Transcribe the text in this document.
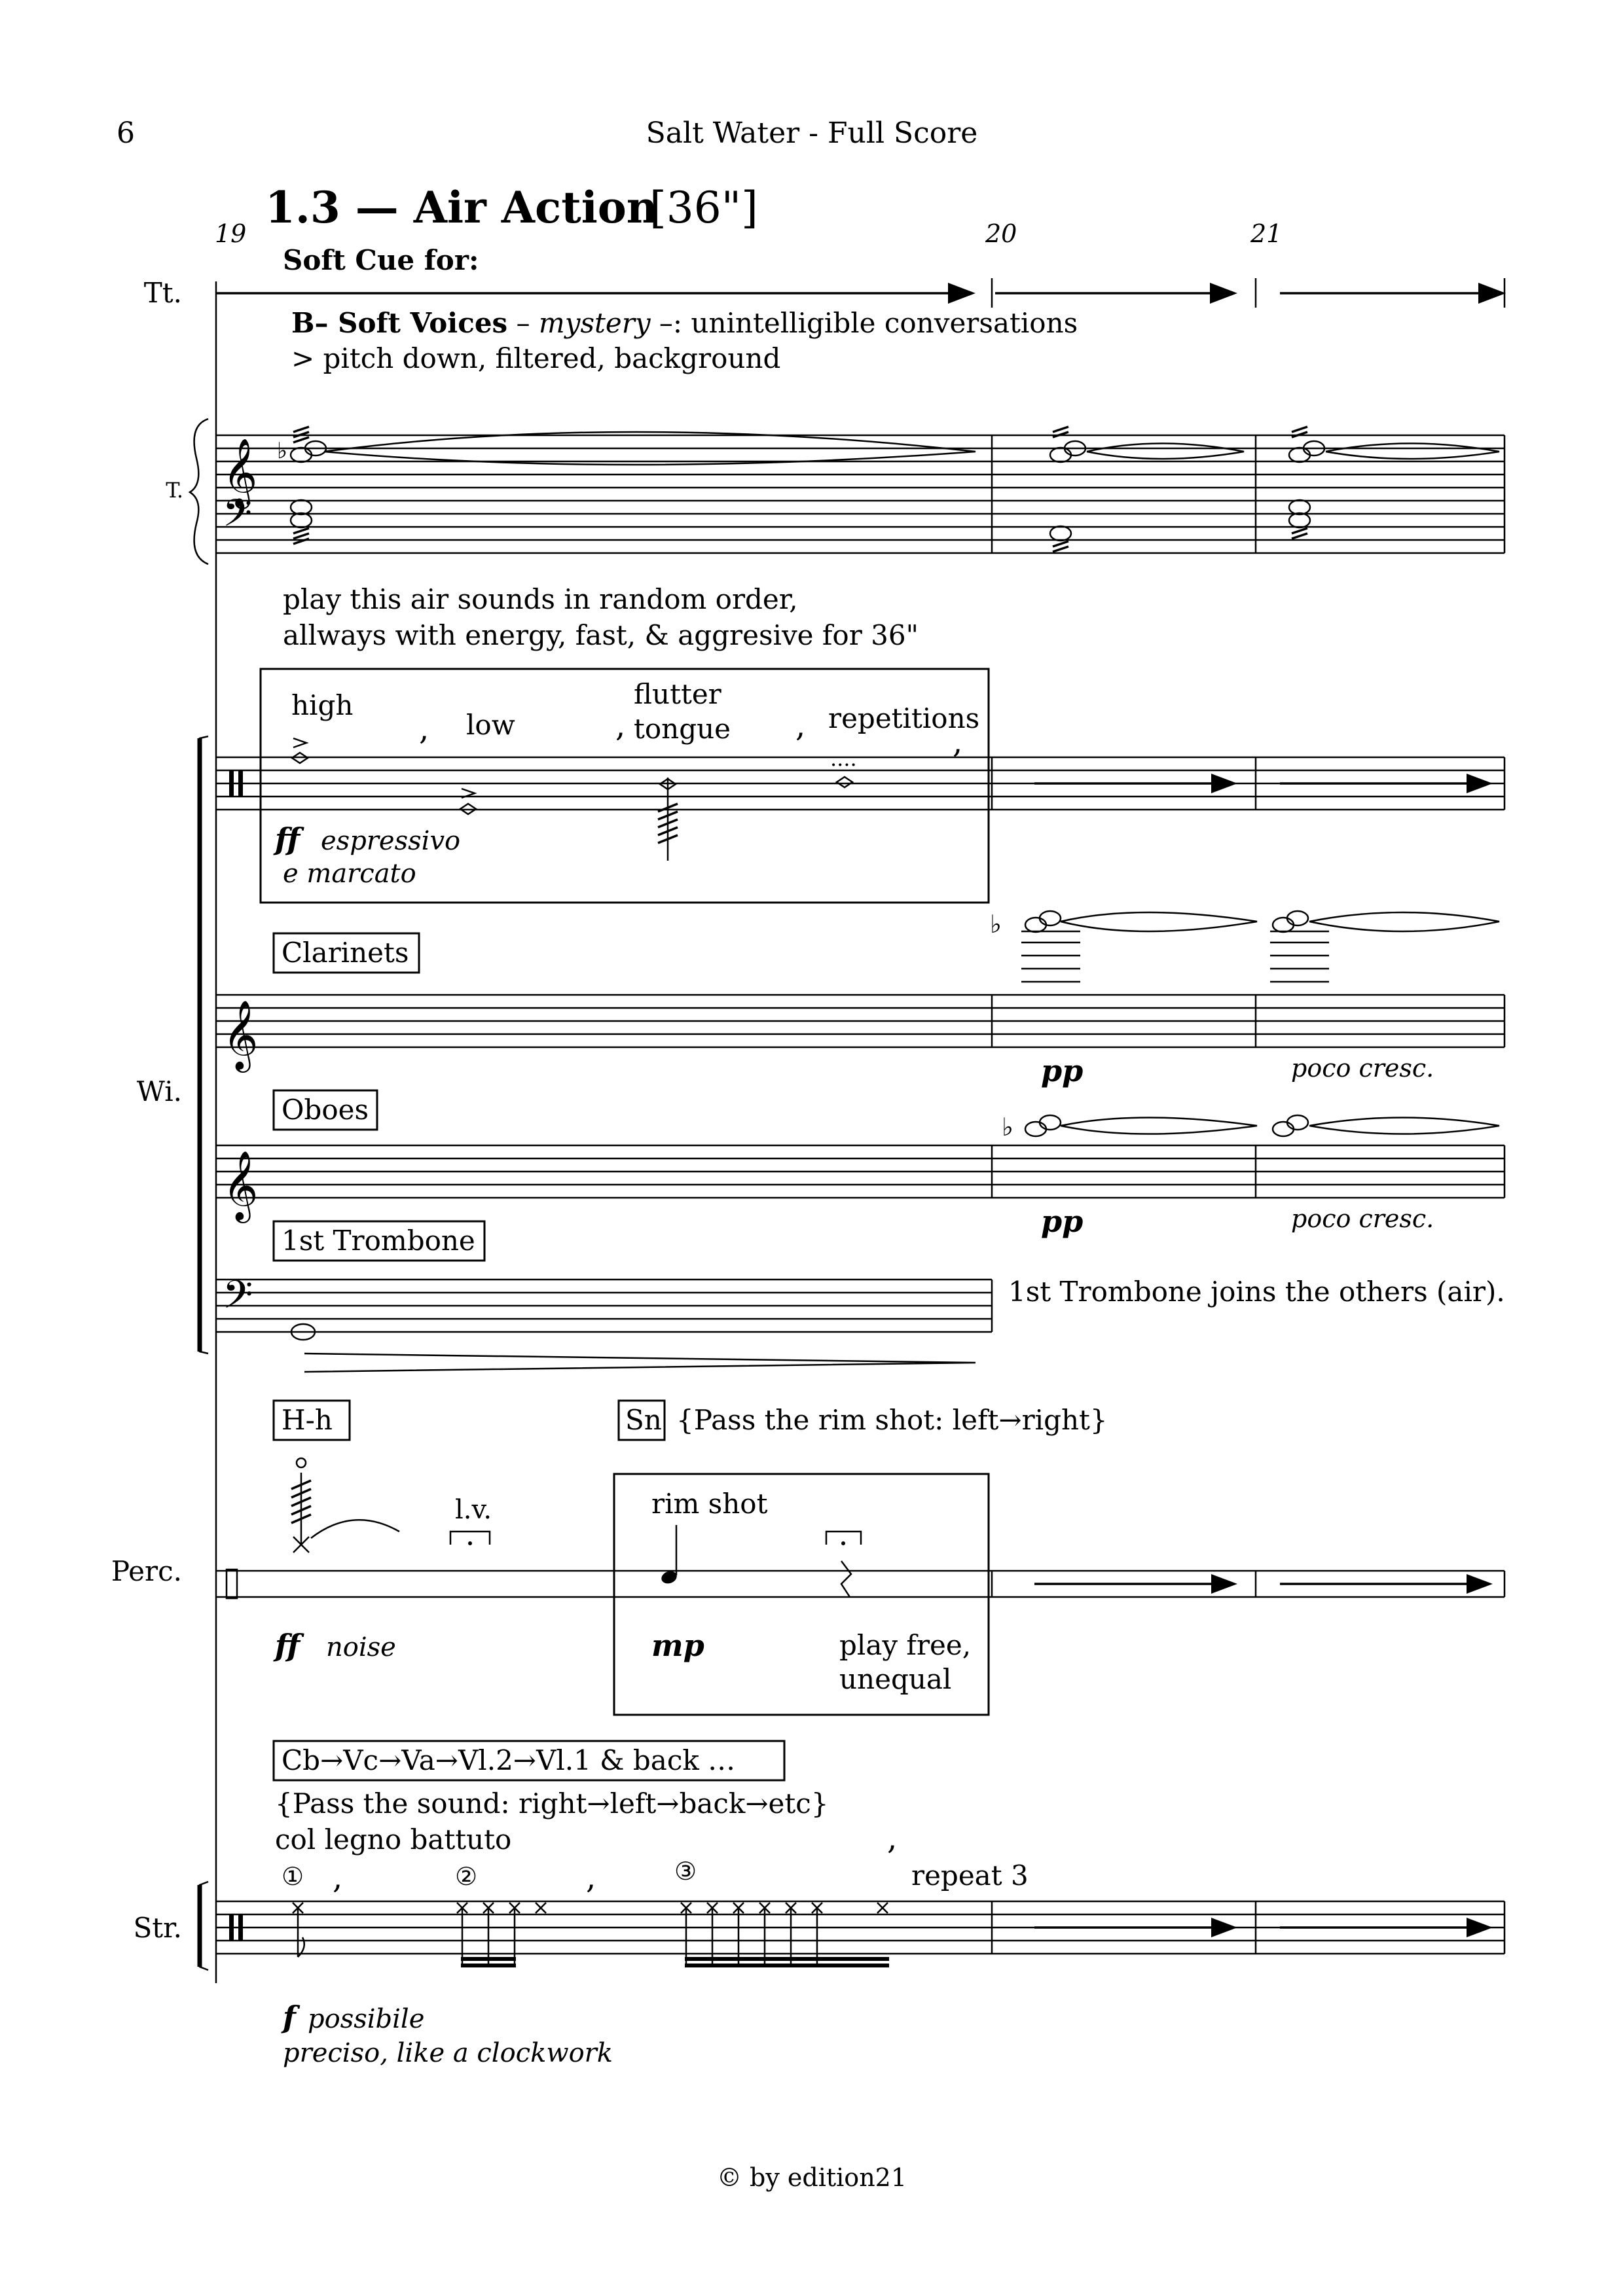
6	Salt Water - Full Score
1.3 — Air Action
[36"]
19	20	21
Tt.
Soft Cue for:
B– Soft Voices – mystery –: unintelligible conversations
> pitch down, filtered, background
T. 𝄞
𝄢
♭
play this air sounds in random order,
allways with energy, fast, & aggresive for 36"
Wi.
high
low
flutter
tongue	repetitions
,	,	,	,
....
ff espressivo
e marcato
Clarinets
𝄞
♭
pp	poco cresc.
Oboes
𝄞
♭
pp	poco cresc.
1st Trombone
𝄢	1st Trombone joins the others (air).
Perc.
H-h	Sn {Pass the rim shot: left→right}
l.v.	rim shot
ff noise	mp	play free,
unequal
Cb→Vc→Va→Vl.2→Vl.1 & back …
{Pass the sound: right→left→back→etc}
col legno battuto	,
① ,	②	,	③	repeat 3
Str.
f possibile
preciso, like a clockwork
© by edition21
